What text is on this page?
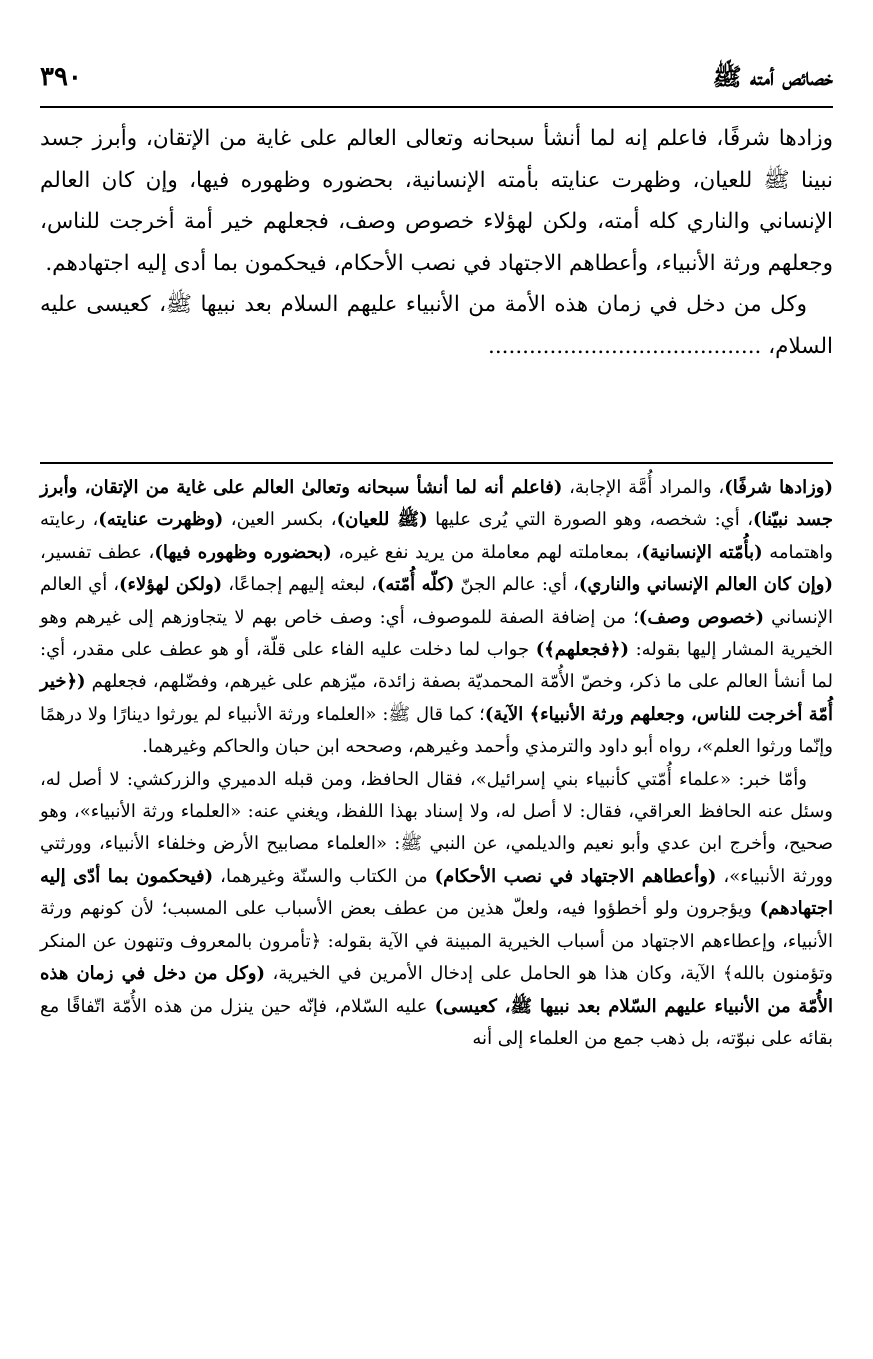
خصائص أمته ﷺ
٣٩٠

وزادها شرفًا، فاعلم إنه لما أنشأ سبحانه وتعالى العالم على غاية من الإتقان، وأبرز جسد نبينا ﷺ للعيان، وظهرت عنايته بأمته الإنسانية، بحضوره وظهوره فيها، وإن كان العالم الإنساني والناري كله أمته، ولكن لهؤلاء خصوص وصف، فجعلهم خير أمة أخرجت للناس، وجعلهم ورثة الأنبياء، وأعطاهم الاجتهاد في نصب الأحكام، فيحكمون بما أدى إليه اجتهادهم.

وكل من دخل في زمان هذه الأمة من الأنبياء عليهم السلام بعد نبيها ﷺ، كعيسى عليه السلام، ........................................

(وزادها شرفًا)، والمراد أُمَّة الإجابة، (فاعلم أنه لما أنشأ سبحانه وتعالىٰ العالم على غاية من الإتقان، وأبرز جسد نبيّنا)، أي: شخصه، وهو الصورة التي يُرى عليها (ﷺ للعيان)، بكسر العين، (وظهرت عنايته)، رعايته واهتمامه (بأُمّته الإنسانية)، بمعاملته لهم معاملة من يريد نفع غيره، (بحضوره وظهوره فيها)، عطف تفسير، (وإن كان العالم الإنساني والناري)، أي: عالم الجنّ (كلّه أُمّته)، لبعثه إليهم إجماعًا، (ولكن لهؤلاء)، أي العالم الإنساني (خصوص وصف)؛ من إضافة الصفة للموصوف، أي: وصف خاص بهم لا يتجاوزهم إلى غيرهم وهو الخيرية المشار إليها بقوله: (﴿فجعلهم﴾) جواب لما دخلت عليه الفاء على قلّة، أو هو عطف على مقدر، أي: لما أنشأ العالم على ما ذكر، وخصّ الأُمّة المحمديّة بصفة زائدة، ميّزهم على غيرهم، وفضّلهم، فجعلهم (﴿خير أُمّة أخرجت للناس، وجعلهم ورثة الأنبياء﴾ الآية)؛ كما قال ﷺ: «العلماء ورثة الأنبياء لم يورثوا دينارًا ولا درهمًا وإنّما ورثوا العلم»، رواه أبو داود والترمذي وأحمد وغيرهم، وصححه ابن حبان والحاكم وغيرهما.

وأمّا خبر: «علماء أُمّتي كأنبياء بني إسرائيل»، فقال الحافظ، ومن قبله الدميري والزركشي: لا أصل له، وسئل عنه الحافظ العراقي، فقال: لا أصل له، ولا إسناد بهذا اللفظ، ويغني عنه: «العلماء ورثة الأنبياء»، وهو صحيح، وأخرج ابن عدي وأبو نعيم والديلمي، عن النبي ﷺ: «العلماء مصابيح الأرض وخلفاء الأنبياء، وورثتي وورثة الأنبياء»، (وأعطاهم الاجتهاد في نصب الأحكام) من الكتاب والسنّة وغيرهما، (فيحكمون بما أدّى إليه اجتهادهم) ويؤجرون ولو أخطؤوا فيه، ولعلّ هذين من عطف بعض الأسباب على المسبب؛ لأن كونهم ورثة الأنبياء، وإعطاءهم الاجتهاد من أسباب الخيرية المبينة في الآية بقوله: ﴿تأمرون بالمعروف وتنهون عن المنكر وتؤمنون بالله﴾ الآية، وكان هذا هو الحامل على إدخال الأمرين في الخيرية، (وكل من دخل في زمان هذه الأُمّة من الأنبياء عليهم السّلام بعد نبيها ﷺ، كعيسى) عليه السّلام، فإنّه حين ينزل من هذه الأُمّة اتّفاقًا مع بقائه على نبوّته، بل ذهب جمع من العلماء إلى أنه
